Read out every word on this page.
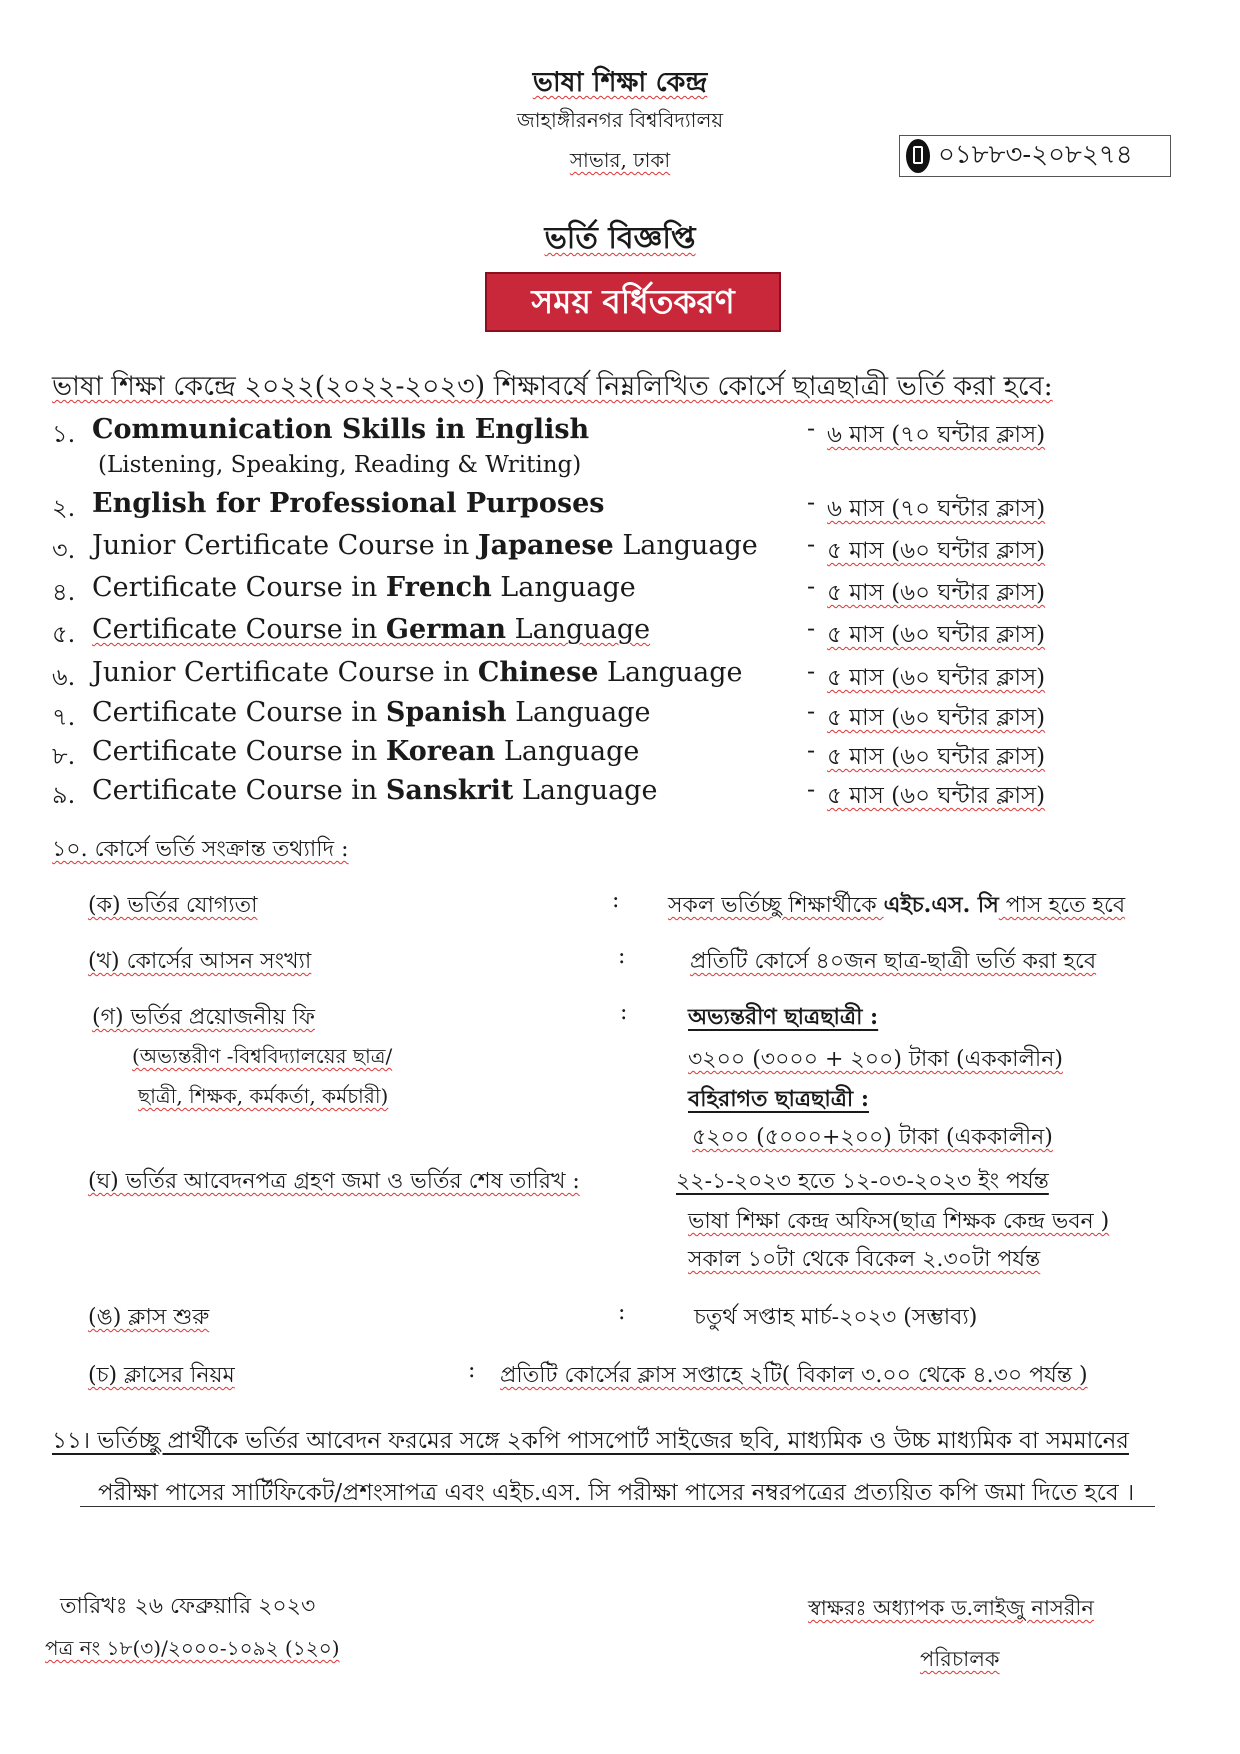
ভাষা শিক্ষা কেন্দ্র
জাহাঙ্গীরনগর বিশ্ববিদ্যালয়
সাভার, ঢাকা	০১৮৮৩-২০৮২৭৪
ভর্তি বিজ্ঞপ্তি
সময় বর্ধিতকরণ
ভাষা শিক্ষা কেন্দ্রে ২০২২(২০২২-২০২৩) শিক্ষাবর্ষে নিম্নলিখিত কোর্সে ছাত্রছাত্রী ভর্তি করা হবে:
১. Communication Skills in English	- ৬ মাস (৭০ ঘন্টার ক্লাস)
(Listening, Speaking, Reading & Writing)
২. English for Professional Purposes	- ৬ মাস (৭০ ঘন্টার ক্লাস)
৩. Junior Certificate Course in Japanese Language - ৫ মাস (৬০ ঘন্টার ক্লাস)
৪. Certificate Course in French Language	- ৫ মাস (৬০ ঘন্টার ক্লাস)
৫. Certificate Course in German Language	- ৫ মাস (৬০ ঘন্টার ক্লাস)
৬. Junior Certificate Course in Chinese Language	- ৫ মাস (৬০ ঘন্টার ক্লাস)
৭. Certificate Course in Spanish Language	- ৫ মাস (৬০ ঘন্টার ক্লাস)
৮. Certificate Course in Korean Language	- ৫ মাস (৬০ ঘন্টার ক্লাস)
৯. Certificate Course in Sanskrit Language	- ৫ মাস (৬০ ঘন্টার ক্লাস)
১০. কোর্সে ভর্তি সংক্রান্ত তথ্যাদি :
(ক) ভর্তির যোগ্যতা	: সকল ভর্তিচ্ছু শিক্ষার্থীকে এইচ.এস. সি পাস হতে হবে
(খ) কোর্সের আসন সংখ্যা	:	প্রতিটি কোর্সে ৪০জন ছাত্র-ছাত্রী ভর্তি করা হবে
(গ) ভর্তির প্রয়োজনীয় ফি
(অভ্যন্তরীণ -বিশ্ববিদ্যালয়ের ছাত্র/
ছাত্রী, শিক্ষক, কর্মকর্তা, কর্মচারী)
:	অভ্যন্তরীণ ছাত্রছাত্রী :
৩২০০ (৩০০০ + ২০০) টাকা (এককালীন)
বহিরাগত ছাত্রছাত্রী :
৫২০০ (৫০০০+২০০) টাকা (এককালীন)
(ঘ) ভর্তির আবেদনপত্র গ্রহণ জমা ও ভর্তির শেষ তারিখ :	২২-১-২০২৩ হতে ১২-০৩-২০২৩ ইং পর্যন্ত
ভাষা শিক্ষা কেন্দ্র অফিস(ছাত্র শিক্ষক কেন্দ্র ভবন )
সকাল ১০টা থেকে বিকেল ২.৩০টা পর্যন্ত
(ঙ) ক্লাস শুরু	:	চতুর্থ সপ্তাহ মার্চ-২০২৩ (সম্ভাব্য)
(চ) ক্লাসের নিয়ম	: প্রতিটি কোর্সের ক্লাস সপ্তাহে ২টি( বিকাল ৩.০০ থেকে ৪.৩০ পর্যন্ত )
১১। ভর্তিচ্ছু প্রার্থীকে ভর্তির আবেদন ফরমের সঙ্গে ২কপি পাসপোর্ট সাইজের ছবি, মাধ্যমিক ও উচ্চ মাধ্যমিক বা সমমানের
পরীক্ষা পাসের সার্টিফিকেট/প্রশংসাপত্র এবং এইচ.এস. সি পরীক্ষা পাসের নম্বরপত্রের প্রত্যয়িত কপি জমা দিতে হবে ।
তারিখঃ ২৬ ফেব্রুয়ারি ২০২৩
পত্র নং ১৮(৩)/২০০০-১০৯২ (১২০)
স্বাক্ষরঃ অধ্যাপক ড.লাইজু নাসরীন
পরিচালক
